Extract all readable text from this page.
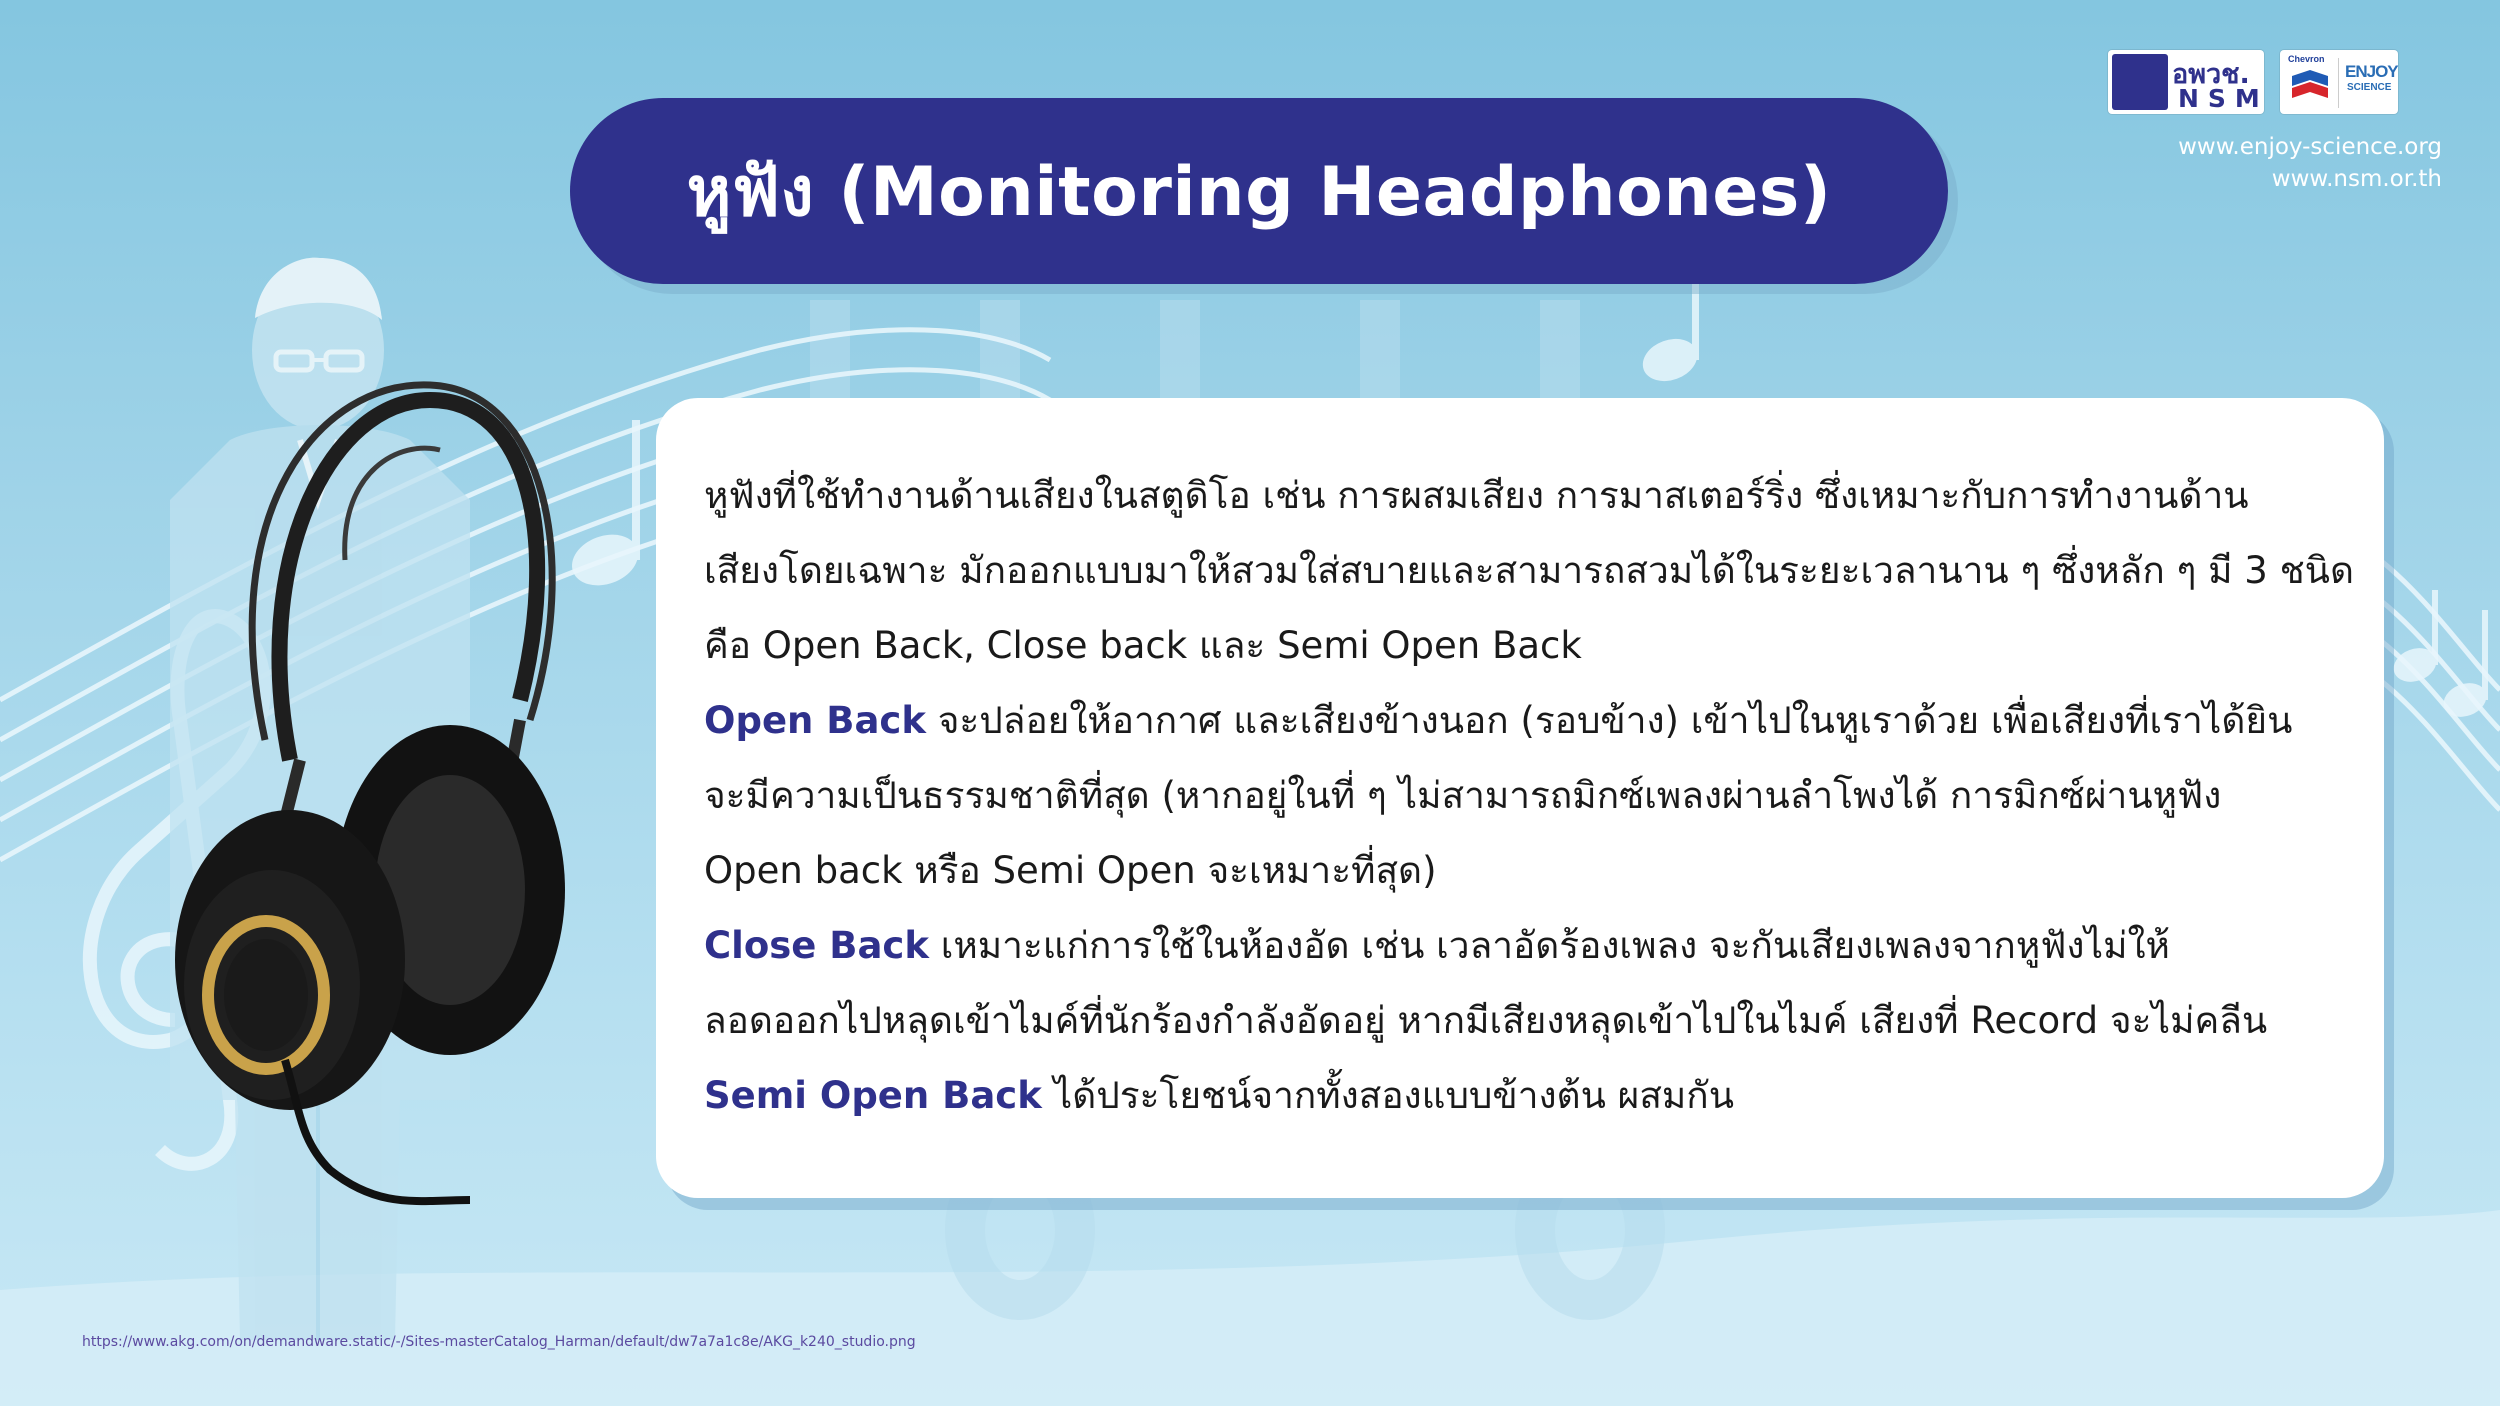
หูฟัง (Monitoring Headphones)
อพวช.
NSM
Chevron
ENJOY
SCIENCE
www.enjoy-science.org
www.nsm.or.th
หูฟังที่ใช้ทำงานด้านเสียงในสตูดิโอ เช่น การผสมเสียง การมาสเตอร์ริ่ง ซึ่งเหมาะกับการทำงานด้าน
เสียงโดยเฉพาะ มักออกแบบมาให้สวมใส่สบายและสามารถสวมได้ในระยะเวลานาน ๆ ซึ่งหลัก ๆ มี 3 ชนิด
คือ Open Back, Close back และ Semi Open Back
Open Back จะปล่อยให้อากาศ และเสียงข้างนอก (รอบข้าง) เข้าไปในหูเราด้วย เพื่อเสียงที่เราได้ยิน
จะมีความเป็นธรรมชาติที่สุด (หากอยู่ในที่ ๆ ไม่สามารถมิกซ์เพลงผ่านลำโพงได้ การมิกซ์ผ่านหูฟัง
Open back หรือ Semi Open จะเหมาะที่สุด)
Close Back เหมาะแก่การใช้ในห้องอัด เช่น เวลาอัดร้องเพลง จะกันเสียงเพลงจากหูฟังไม่ให้
ลอดออกไปหลุดเข้าไมค์ที่นักร้องกำลังอัดอยู่ หากมีเสียงหลุดเข้าไปในไมค์ เสียงที่ Record จะไม่คลีน
Semi Open Back ได้ประโยชน์จากทั้งสองแบบข้างต้น ผสมกัน
https://www.akg.com/on/demandware.static/-/Sites-masterCatalog_Harman/default/dw7a7a1c8e/AKG_k240_studio.png
